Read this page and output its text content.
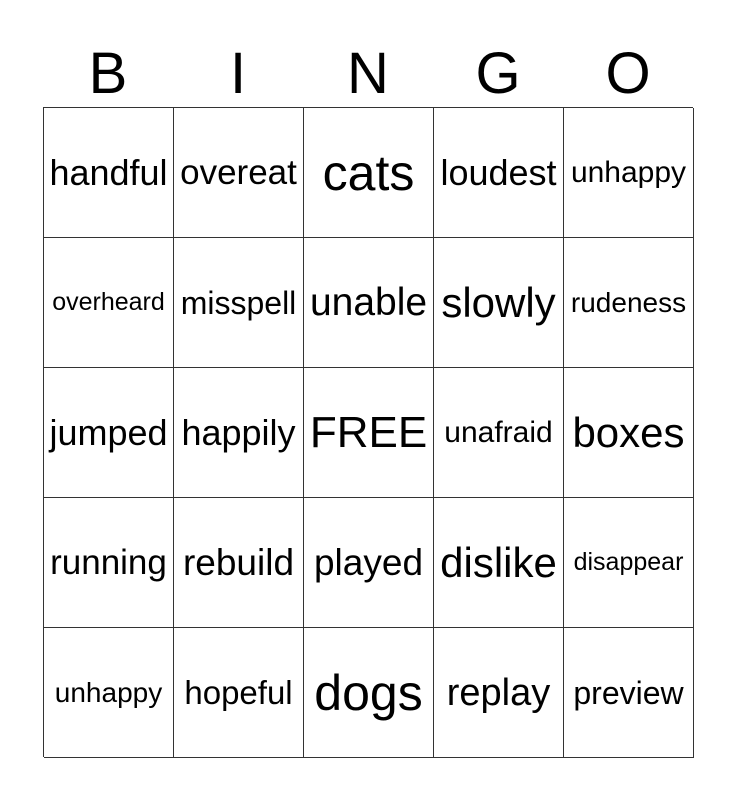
B	I	N	G	O
handful overeat cats loudest unhappy
overheard misspell unable slowly rudeness
jumped happily FREE unafraid boxes
running rebuild played dislike disappear
unhappy hopeful dogs replay preview
